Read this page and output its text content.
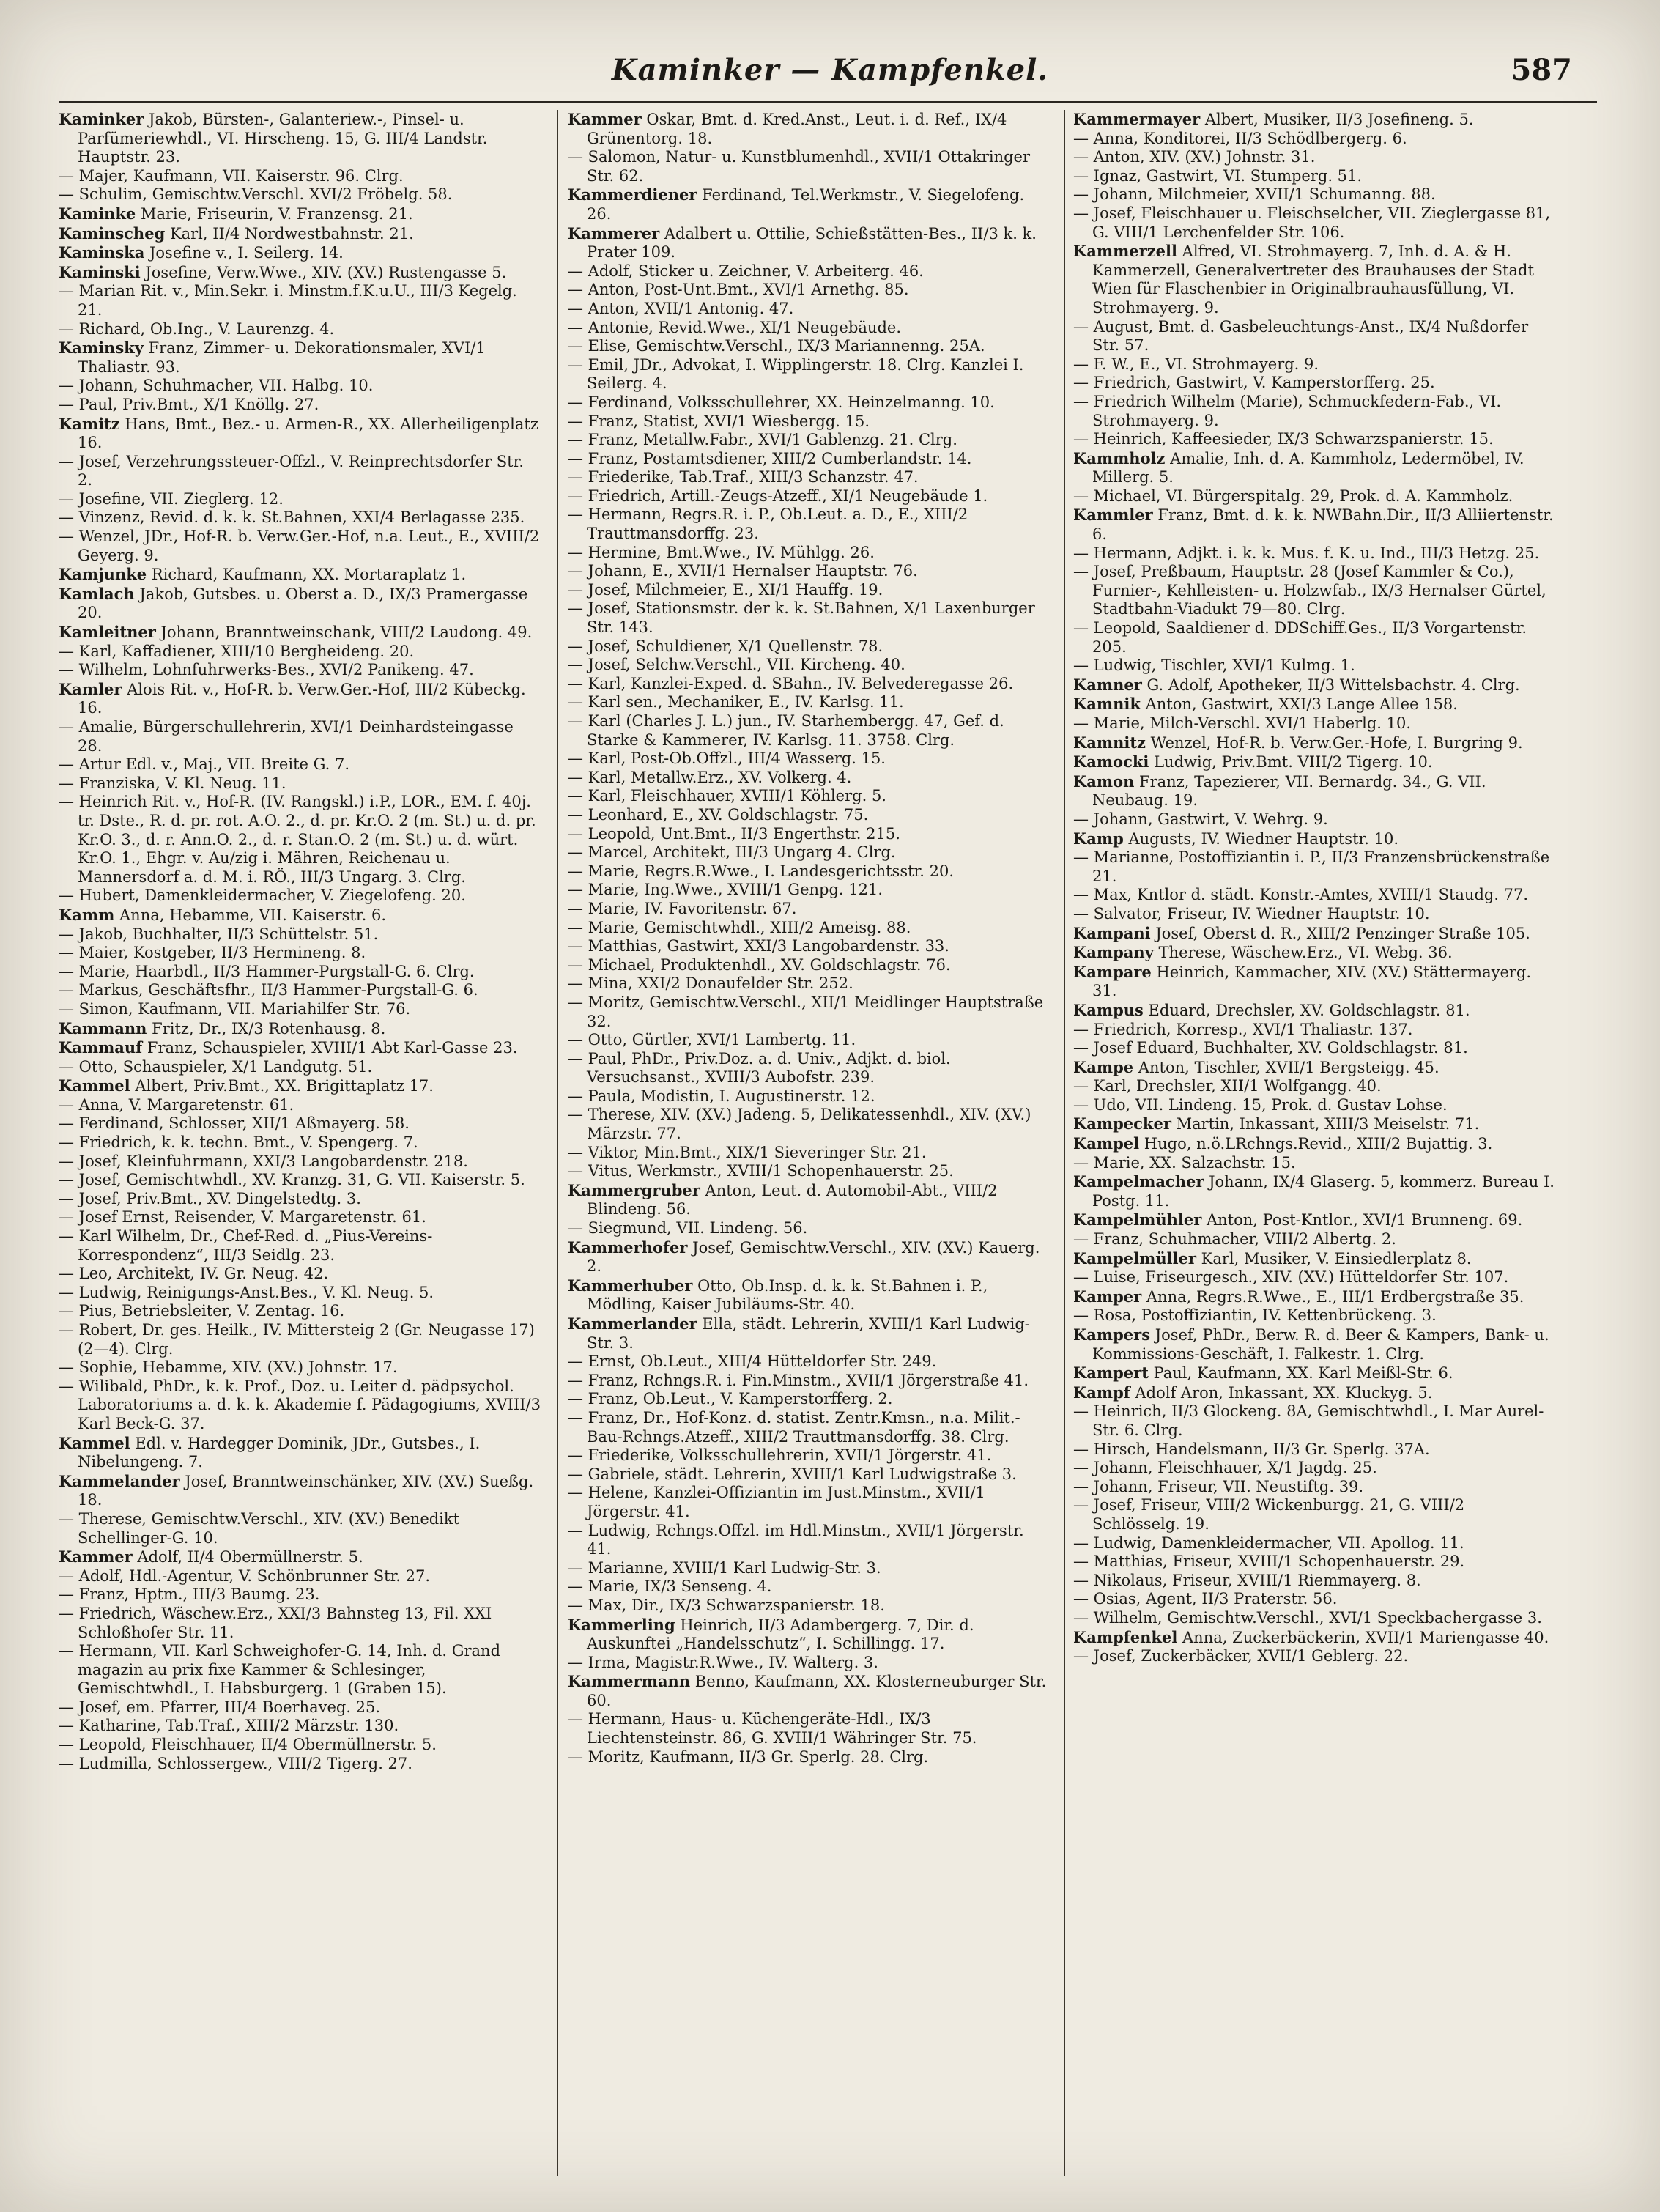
Kaminker — Kampfenkel.	587

Kaminker Jakob, Bürsten-, Galanteriew.-, Pinsel- u. Parfümeriewhdl., VI. Hirscheng. 15, G. III/4 Landstr. Hauptstr. 23.

— Majer, Kaufmann, VII. Kaiserstr. 96. Clrg.

— Schulim, Gemischtw.Verschl. XVI/2 Fröbelg. 58.

Kaminke Marie, Friseurin, V. Franzensg. 21.

Kaminscheg Karl, II/4 Nordwestbahnstr. 21.

Kaminska Josefine v., I. Seilerg. 14.

Kaminski Josefine, Verw.Wwe., XIV. (XV.) Rustengasse 5.

— Marian Rit. v., Min.Sekr. i. Minstm.f.K.u.U., III/3 Kegelg. 21.

— Richard, Ob.Ing., V. Laurenzg. 4.

Kaminsky Franz, Zimmer- u. Dekorationsmaler, XVI/1 Thaliastr. 93.

— Johann, Schuhmacher, VII. Halbg. 10.

— Paul, Priv.Bmt., X/1 Knöllg. 27.

Kamitz Hans, Bmt., Bez.- u. Armen-R., XX. Allerheiligenplatz 16.

— Josef, Verzehrungssteuer-Offzl., V. Reinprechtsdorfer Str. 2.

— Josefine, VII. Zieglerg. 12.

— Vinzenz, Revid. d. k. k. St.Bahnen, XXI/4 Berlagasse 235.

— Wenzel, JDr., Hof-R. b. Verw.Ger.-Hof, n.a. Leut., E., XVIII/2 Geyerg. 9.

Kamjunke Richard, Kaufmann, XX. Mortaraplatz 1.

Kamlach Jakob, Gutsbes. u. Oberst a. D., IX/3 Pramergasse 20.

Kamleitner Johann, Branntweinschank, VIII/2 Laudong. 49.

— Karl, Kaffadiener, XIII/10 Bergheideng. 20.

— Wilhelm, Lohnfuhrwerks-Bes., XVI/2 Panikeng. 47.

Kamler Alois Rit. v., Hof-R. b. Verw.Ger.-Hof, III/2 Kübeckg. 16.

— Amalie, Bürgerschullehrerin, XVI/1 Deinhardsteingasse 28.

— Artur Edl. v., Maj., VII. Breite G. 7.

— Franziska, V. Kl. Neug. 11.

— Heinrich Rit. v., Hof-R. (IV. Rangskl.) i.P., LOR., EM. f. 40j. tr. Dste., R. d. pr. rot. A.O. 2., d. pr. Kr.O. 2 (m. St.) u. d. pr. Kr.O. 3., d. r. Ann.O. 2., d. r. Stan.O. 2 (m. St.) u. d. würt. Kr.O. 1., Ehgr. v. Au/zig i. Mähren, Reichenau u. Mannersdorf a. d. M. i. RÖ., III/3 Ungarg. 3. Clrg.

— Hubert, Damenkleidermacher, V. Ziegelofeng. 20.

Kamm Anna, Hebamme, VII. Kaiserstr. 6.

— Jakob, Buchhalter, II/3 Schüttelstr. 51.

— Maier, Kostgeber, II/3 Hermineng. 8.

— Marie, Haarbdl., II/3 Hammer-Purgstall-G. 6. Clrg.

— Markus, Geschäftsfhr., II/3 Hammer-Purgstall-G. 6.

— Simon, Kaufmann, VII. Mariahilfer Str. 76.

Kammann Fritz, Dr., IX/3 Rotenhausg. 8.

Kammauf Franz, Schauspieler, XVIII/1 Abt Karl-Gasse 23.

— Otto, Schauspieler, X/1 Landgutg. 51.

Kammel Albert, Priv.Bmt., XX. Brigittaplatz 17.

— Anna, V. Margaretenstr. 61.

— Ferdinand, Schlosser, XII/1 Aßmayerg. 58.

— Friedrich, k. k. techn. Bmt., V. Spengerg. 7.

— Josef, Kleinfuhrmann, XXI/3 Langobardenstr. 218.

— Josef, Gemischtwhdl., XV. Kranzg. 31, G. VII. Kaiserstr. 5.

— Josef, Priv.Bmt., XV. Dingelstedtg. 3.

— Josef Ernst, Reisender, V. Margaretenstr. 61.

— Karl Wilhelm, Dr., Chef-Red. d. „Pius-Vereins-Korrespondenz“, III/3 Seidlg. 23.

— Leo, Architekt, IV. Gr. Neug. 42.

— Ludwig, Reinigungs-Anst.Bes., V. Kl. Neug. 5.

— Pius, Betriebsleiter, V. Zentag. 16.

— Robert, Dr. ges. Heilk., IV. Mittersteig 2 (Gr. Neugasse 17) (2—4). Clrg.

— Sophie, Hebamme, XIV. (XV.) Johnstr. 17.

— Wilibald, PhDr., k. k. Prof., Doz. u. Leiter d. pädpsychol. Laboratoriums a. d. k. k. Akademie f. Pädagogiums, XVIII/3 Karl Beck-G. 37.

Kammel Edl. v. Hardegger Dominik, JDr., Gutsbes., I. Nibelungeng. 7.

Kammelander Josef, Branntweinschänker, XIV. (XV.) Sueßg. 18.

— Therese, Gemischtw.Verschl., XIV. (XV.) Benedikt Schellinger-G. 10.

Kammer Adolf, II/4 Obermüllnerstr. 5.

— Adolf, Hdl.-Agentur, V. Schönbrunner Str. 27.

— Franz, Hptm., III/3 Baumg. 23.

— Friedrich, Wäschew.Erz., XXI/3 Bahnsteg 13, Fil. XXI Schloßhofer Str. 11.

— Hermann, VII. Karl Schweighofer-G. 14, Inh. d. Grand magazin au prix fixe Kammer & Schlesinger, Gemischtwhdl., I. Habsburgerg. 1 (Graben 15).

— Josef, em. Pfarrer, III/4 Boerhaveg. 25.

— Katharine, Tab.Traf., XIII/2 Märzstr. 130.

— Leopold, Fleischhauer, II/4 Obermüllnerstr. 5.

— Ludmilla, Schlossergew., VIII/2 Tigerg. 27.

Kammer Oskar, Bmt. d. Kred.Anst., Leut. i. d. Ref., IX/4 Grünentorg. 18.

— Salomon, Natur- u. Kunstblumenhdl., XVII/1 Ottakringer Str. 62.

Kammerdiener Ferdinand, Tel.Werkmstr., V. Siegelofeng. 26.

Kammerer Adalbert u. Ottilie, Schießstätten-Bes., II/3 k. k. Prater 109.

— Adolf, Sticker u. Zeichner, V. Arbeiterg. 46.

— Anton, Post-Unt.Bmt., XVI/1 Arnethg. 85.

— Anton, XVII/1 Antonig. 47.

— Antonie, Revid.Wwe., XI/1 Neugebäude.

— Elise, Gemischtw.Verschl., IX/3 Mariannenng. 25A.

— Emil, JDr., Advokat, I. Wipplingerstr. 18. Clrg. Kanzlei I. Seilerg. 4.

— Ferdinand, Volksschullehrer, XX. Heinzelmanng. 10.

— Franz, Statist, XVI/1 Wiesbergg. 15.

— Franz, Metallw.Fabr., XVI/1 Gablenzg. 21. Clrg.

— Franz, Postamtsdiener, XIII/2 Cumberlandstr. 14.

— Friederike, Tab.Traf., XIII/3 Schanzstr. 47.

— Friedrich, Artill.-Zeugs-Atzeff., XI/1 Neugebäude 1.

— Hermann, Regrs.R. i. P., Ob.Leut. a. D., E., XIII/2 Trauttmansdorffg. 23.

— Hermine, Bmt.Wwe., IV. Mühlgg. 26.

— Johann, E., XVII/1 Hernalser Hauptstr. 76.

— Josef, Milchmeier, E., XI/1 Hauffg. 19.

— Josef, Stationsmstr. der k. k. St.Bahnen, X/1 Laxenburger Str. 143.

— Josef, Schuldiener, X/1 Quellenstr. 78.

— Josef, Selchw.Verschl., VII. Kircheng. 40.

— Karl, Kanzlei-Exped. d. SBahn., IV. Belvederegasse 26.

— Karl sen., Mechaniker, E., IV. Karlsg. 11.

— Karl (Charles J. L.) jun., IV. Starhembergg. 47, Gef. d. Starke & Kammerer, IV. Karlsg. 11. 3758. Clrg.

— Karl, Post-Ob.Offzl., III/4 Wasserg. 15.

— Karl, Metallw.Erz., XV. Volkerg. 4.

— Karl, Fleischhauer, XVIII/1 Köhlerg. 5.

— Leonhard, E., XV. Goldschlagstr. 75.

— Leopold, Unt.Bmt., II/3 Engerthstr. 215.

— Marcel, Architekt, III/3 Ungarg 4. Clrg.

— Marie, Regrs.R.Wwe., I. Landesgerichtsstr. 20.

— Marie, Ing.Wwe., XVIII/1 Genpg. 121.

— Marie, IV. Favoritenstr. 67.

— Marie, Gemischtwhdl., XIII/2 Ameisg. 88.

— Matthias, Gastwirt, XXI/3 Langobardenstr. 33.

— Michael, Produktenhdl., XV. Goldschlagstr. 76.

— Mina, XXI/2 Donaufelder Str. 252.

— Moritz, Gemischtw.Verschl., XII/1 Meidlinger Hauptstraße 32.

— Otto, Gürtler, XVI/1 Lambertg. 11.

— Paul, PhDr., Priv.Doz. a. d. Univ., Adjkt. d. biol. Versuchsanst., XVIII/3 Aubofstr. 239.

— Paula, Modistin, I. Augustinerstr. 12.

— Therese, XIV. (XV.) Jadeng. 5, Delikatessenhdl., XIV. (XV.) Märzstr. 77.

— Viktor, Min.Bmt., XIX/1 Sieveringer Str. 21.

— Vitus, Werkmstr., XVIII/1 Schopenhauerstr. 25.

Kammergruber Anton, Leut. d. Automobil-Abt., VIII/2 Blindeng. 56.

— Siegmund, VII. Lindeng. 56.

Kammerhofer Josef, Gemischtw.Verschl., XIV. (XV.) Kauerg. 2.

Kammerhuber Otto, Ob.Insp. d. k. k. St.Bahnen i. P., Mödling, Kaiser Jubiläums-Str. 40.

Kammerlander Ella, städt. Lehrerin, XVIII/1 Karl Ludwig-Str. 3.

— Ernst, Ob.Leut., XIII/4 Hütteldorfer Str. 249.

— Franz, Rchngs.R. i. Fin.Minstm., XVII/1 Jörgerstraße 41.

— Franz, Ob.Leut., V. Kamperstorfferg. 2.

— Franz, Dr., Hof-Konz. d. statist. Zentr.Kmsn., n.a. Milit.-Bau-Rchngs.Atzeff., XIII/2 Trauttmansdorffg. 38. Clrg.

— Friederike, Volksschullehrerin, XVII/1 Jörgerstr. 41.

— Gabriele, städt. Lehrerin, XVIII/1 Karl Ludwigstraße 3.

— Helene, Kanzlei-Offiziantin im Just.Minstm., XVII/1 Jörgerstr. 41.

— Ludwig, Rchngs.Offzl. im Hdl.Minstm., XVII/1 Jörgerstr. 41.

— Marianne, XVIII/1 Karl Ludwig-Str. 3.

— Marie, IX/3 Senseng. 4.

— Max, Dir., IX/3 Schwarzspanierstr. 18.

Kammerling Heinrich, II/3 Adambergerg. 7, Dir. d. Auskunftei „Handelsschutz“, I. Schillingg. 17.

— Irma, Magistr.R.Wwe., IV. Walterg. 3.

Kammermann Benno, Kaufmann, XX. Klosterneuburger Str. 60.

— Hermann, Haus- u. Küchengeräte-Hdl., IX/3 Liechtensteinstr. 86, G. XVIII/1 Währinger Str. 75.

— Moritz, Kaufmann, II/3 Gr. Sperlg. 28. Clrg.

Kammermayer Albert, Musiker, II/3 Josefineng. 5.

— Anna, Konditorei, II/3 Schödlbergerg. 6.

— Anton, XIV. (XV.) Johnstr. 31.

— Ignaz, Gastwirt, VI. Stumperg. 51.

— Johann, Milchmeier, XVII/1 Schumanng. 88.

— Josef, Fleischhauer u. Fleischselcher, VII. Zieglergasse 81, G. VIII/1 Lerchenfelder Str. 106.

Kammerzell Alfred, VI. Strohmayerg. 7, Inh. d. A. & H. Kammerzell, Generalvertreter des Brauhauses der Stadt Wien für Flaschenbier in Originalbrauhausfüllung, VI. Strohmayerg. 9.

— August, Bmt. d. Gasbeleuchtungs-Anst., IX/4 Nußdorfer Str. 57.

— F. W., E., VI. Strohmayerg. 9.

— Friedrich, Gastwirt, V. Kamperstorfferg. 25.

— Friedrich Wilhelm (Marie), Schmuckfedern-Fab., VI. Strohmayerg. 9.

— Heinrich, Kaffeesieder, IX/3 Schwarzspanierstr. 15.

Kammholz Amalie, Inh. d. A. Kammholz, Ledermöbel, IV. Millerg. 5.

— Michael, VI. Bürgerspitalg. 29, Prok. d. A. Kammholz.

Kammler Franz, Bmt. d. k. k. NWBahn.Dir., II/3 Alliiertenstr. 6.

— Hermann, Adjkt. i. k. k. Mus. f. K. u. Ind., III/3 Hetzg. 25.

— Josef, Preßbaum, Hauptstr. 28 (Josef Kammler & Co.), Furnier-, Kehlleisten- u. Holzwfab., IX/3 Hernalser Gürtel, Stadtbahn-Viadukt 79—80. Clrg.

— Leopold, Saaldiener d. DDSchiff.Ges., II/3 Vorgartenstr. 205.

— Ludwig, Tischler, XVI/1 Kulmg. 1.

Kamner G. Adolf, Apotheker, II/3 Wittelsbachstr. 4. Clrg.

Kamnik Anton, Gastwirt, XXI/3 Lange Allee 158.

— Marie, Milch-Verschl. XVI/1 Haberlg. 10.

Kamnitz Wenzel, Hof-R. b. Verw.Ger.-Hofe, I. Burgring 9.

Kamocki Ludwig, Priv.Bmt. VIII/2 Tigerg. 10.

Kamon Franz, Tapezierer, VII. Bernardg. 34., G. VII. Neubaug. 19.

— Johann, Gastwirt, V. Wehrg. 9.

Kamp Augusts, IV. Wiedner Hauptstr. 10.

— Marianne, Postoffiziantin i. P., II/3 Franzensbrückenstraße 21.

— Max, Kntlor d. städt. Konstr.-Amtes, XVIII/1 Staudg. 77.

— Salvator, Friseur, IV. Wiedner Hauptstr. 10.

Kampani Josef, Oberst d. R., XIII/2 Penzinger Straße 105.

Kampany Therese, Wäschew.Erz., VI. Webg. 36.

Kampare Heinrich, Kammacher, XIV. (XV.) Stättermayerg. 31.

Kampus Eduard, Drechsler, XV. Goldschlagstr. 81.

— Friedrich, Korresp., XVI/1 Thaliastr. 137.

— Josef Eduard, Buchhalter, XV. Goldschlagstr. 81.

Kampe Anton, Tischler, XVII/1 Bergsteigg. 45.

— Karl, Drechsler, XII/1 Wolfgangg. 40.

— Udo, VII. Lindeng. 15, Prok. d. Gustav Lohse.

Kampecker Martin, Inkassant, XIII/3 Meiselstr. 71.

Kampel Hugo, n.ö.LRchngs.Revid., XIII/2 Bujattig. 3.

— Marie, XX. Salzachstr. 15.

Kampelmacher Johann, IX/4 Glaserg. 5, kommerz. Bureau I. Postg. 11.

Kampelmühler Anton, Post-Kntlor., XVI/1 Brunneng. 69.

— Franz, Schuhmacher, VIII/2 Albertg. 2.

Kampelmüller Karl, Musiker, V. Einsiedlerplatz 8.

— Luise, Friseurgesch., XIV. (XV.) Hütteldorfer Str. 107.

Kamper Anna, Regrs.R.Wwe., E., III/1 Erdbergstraße 35.

— Rosa, Postoffiziantin, IV. Kettenbrückeng. 3.

Kampers Josef, PhDr., Berw. R. d. Beer & Kampers, Bank- u. Kommissions-Geschäft, I. Falkestr. 1. Clrg.

Kampert Paul, Kaufmann, XX. Karl Meißl-Str. 6.

Kampf Adolf Aron, Inkassant, XX. Kluckyg. 5.

— Heinrich, II/3 Glockeng. 8A, Gemischtwhdl., I. Mar Aurel-Str. 6. Clrg.

— Hirsch, Handelsmann, II/3 Gr. Sperlg. 37A.

— Johann, Fleischhauer, X/1 Jagdg. 25.

— Johann, Friseur, VII. Neustiftg. 39.

— Josef, Friseur, VIII/2 Wickenburgg. 21, G. VIII/2 Schlösselg. 19.

— Ludwig, Damenkleidermacher, VII. Apollog. 11.

— Matthias, Friseur, XVIII/1 Schopenhauerstr. 29.

— Nikolaus, Friseur, XVIII/1 Riemmayerg. 8.

— Osias, Agent, II/3 Praterstr. 56.

— Wilhelm, Gemischtw.Verschl., XVI/1 Speckbachergasse 3.

Kampfenkel Anna, Zuckerbäckerin, XVII/1 Mariengasse 40.

— Josef, Zuckerbäcker, XVII/1 Geblerg. 22.
